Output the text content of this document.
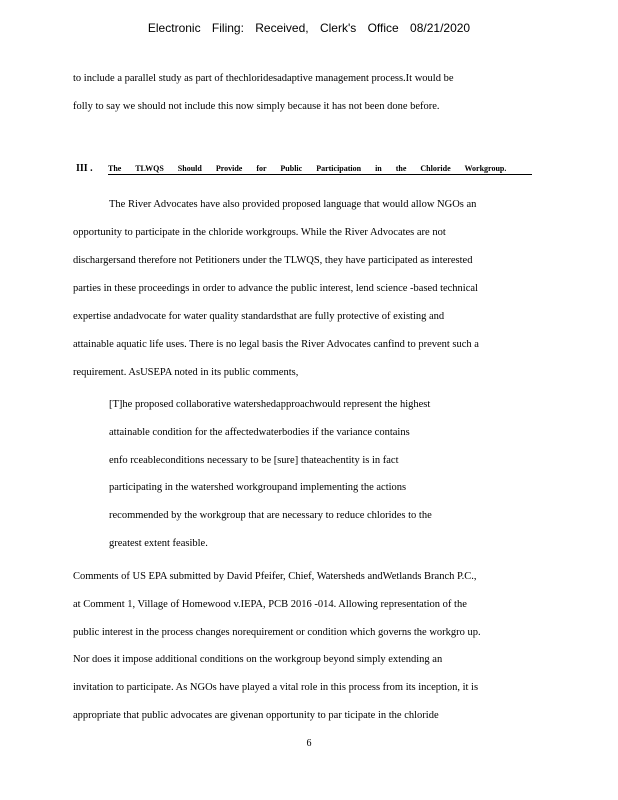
Electronic Filing: Received, Clerk's Office 08/21/2020
to include a parallel study as part of thechloridesadaptive management process.It would be
folly to say we should not include this now simply because it has not been done before.
III . The TLWQS Should Provide for Public Participation in the Chloride Workgroup.
The River Advocates have also provided proposed language that would allow NGOs an
opportunity to participate in the chloride workgroups. While the River Advocates are not
dischargersand therefore not Petitioners under the TLWQS, they have participated as interested
parties in these proceedings in order to advance the public interest, lend science -based technical
expertise andadvocate for water quality standardsthat are fully protective of existing and
attainable aquatic life uses. There is no legal basis the River Advocates canfind to prevent such a
requirement. AsUSEPA noted in its public comments,
[T]he proposed collaborative watershedapproachwould represent the highest
attainable condition for the affectedwaterbodies if the variance contains
enfo rceableconditions necessary to be [sure] thateachentity is in fact
participating in the watershed workgroupand implementing the actions
recommended by the workgroup that are necessary to reduce chlorides to the
greatest extent feasible.
Comments of US EPA submitted by David Pfeifer, Chief, Watersheds andWetlands Branch P.C.,
at Comment 1, Village of Homewood v.IEPA, PCB 2016 -014. Allowing representation of the
public interest in the process changes norequirement or condition which governs the workgro up.
Nor does it impose additional conditions on the workgroup beyond simply extending an
invitation to participate. As NGOs have played a vital role in this process from its inception, it is
appropriate that public advocates are givenan opportunity to par ticipate in the chloride
6
